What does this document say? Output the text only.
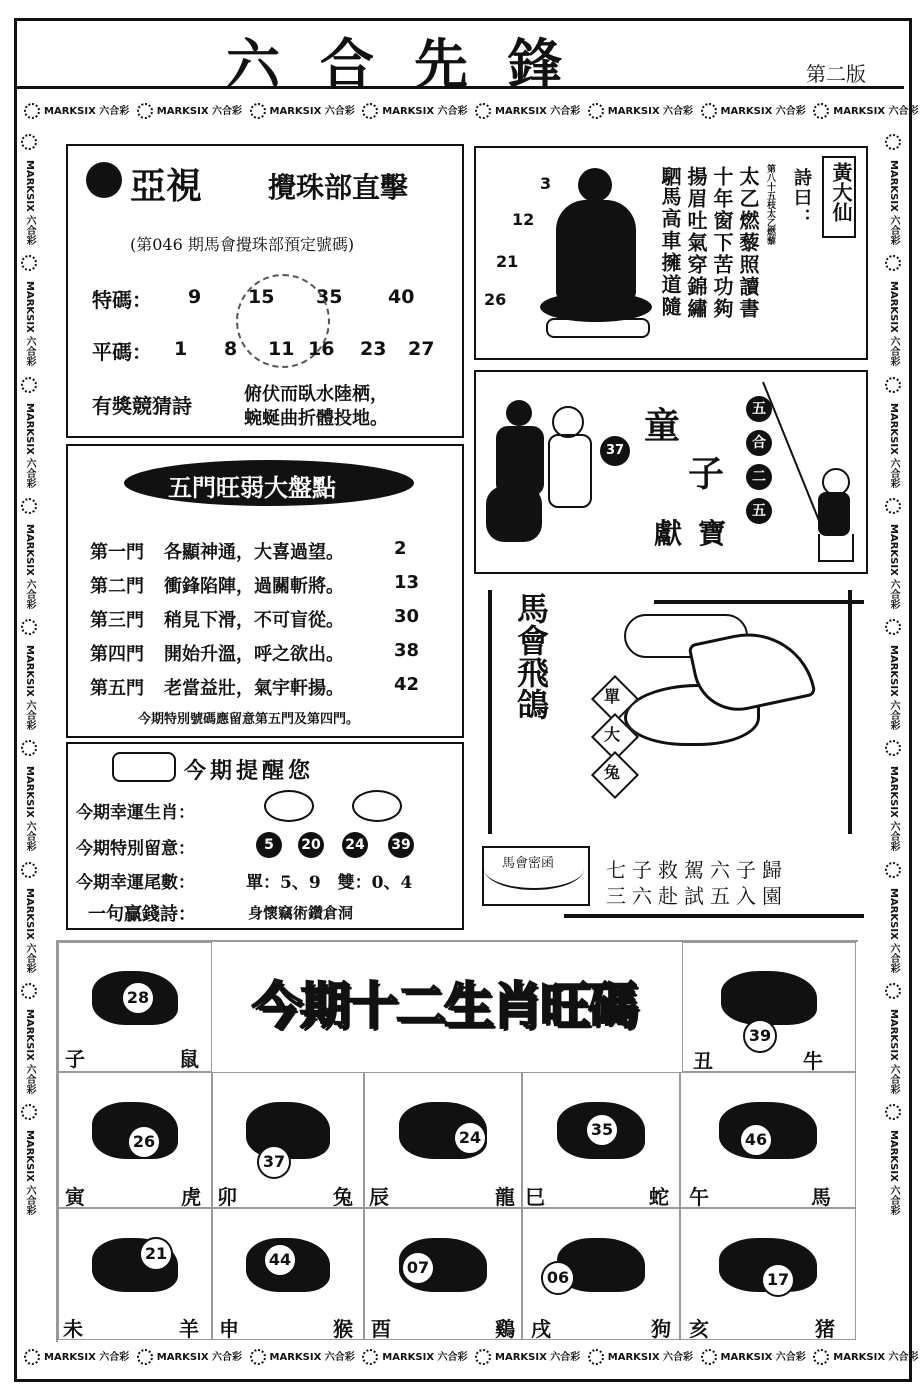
六合先鋒	第二版
MARKSIX 六合彩 MARKSIX 六合彩 MARKSIX 六合彩 MARKSIX 六合彩 MARKSIX 六合彩 MARKSIX 六合彩 MARKSIX 六合彩 MARKSIX 六合彩
MARKSIX 六合彩 MARKSIX 六合彩 MARKSIX 六合彩 MARKSIX 六合彩 MARKSIX 六合彩 MARKSIX 六合彩 MARKSIX 六合彩 MARKSIX 六合彩
MARKSIX 六合彩
MARKSIX 六合彩
MARKSIX 六合彩
MARKSIX 六合彩
MARKSIX 六合彩
MARKSIX 六合彩
MARKSIX 六合彩
MARKSIX 六合彩
MARKSIX 六合彩
MARKSIX 六合彩
MARKSIX 六合彩
MARKSIX 六合彩
MARKSIX 六合彩
MARKSIX 六合彩
MARKSIX 六合彩
MARKSIX 六合彩
MARKSIX 六合彩
MARKSIX 六合彩
亞視 攪珠部直擊
(第046 期馬會攪珠部預定號碼)
特碼： 9 15 35 40
平碼： 1 8 11 16 23 27
有獎競猜詩	俯伏而臥水陸栖，
蜿蜒曲折體投地。
3
12
21
26	太乙燃藜照讀書
十年窗下苦功夠
揚眉吐氣穿錦繡
馬高車擁道隨
駟	第八十五枝太乙燃藜 詩曰： 黃大仙
五門旺弱大盤點
今期特別號碼應留意第五門及第四門。
第一門 各顯神通，大喜過望。	2
第二門 衝鋒陷陣，過關斬將。	13
第三門 稍見下滑，不可盲從。	30
第四門 開始升溫，呼之欲出。	38
第五門 老當益壯，氣宇軒揚。	42
37
童
子
獻寶
五
合
二
五
馬會飛鴿	單
大
兔
今期提醒您
今期幸運生肖：
今期特別留意：	5	20 24 39
今期幸運尾數：	單：5、9　雙：0、4
一句贏錢詩：	身懷竊術鑽倉洞
馬會密函	七子救駕六子歸
三六赴試五入園
今期十二生肖旺碼
28
子	鼠
39
丑	牛
26
寅	虎
37
卯	兔
24
辰	龍
35
巳	蛇
46
午	馬
21
未	羊
44
申	猴
07
酉	鷄
06
戌	狗
17
亥	猪
